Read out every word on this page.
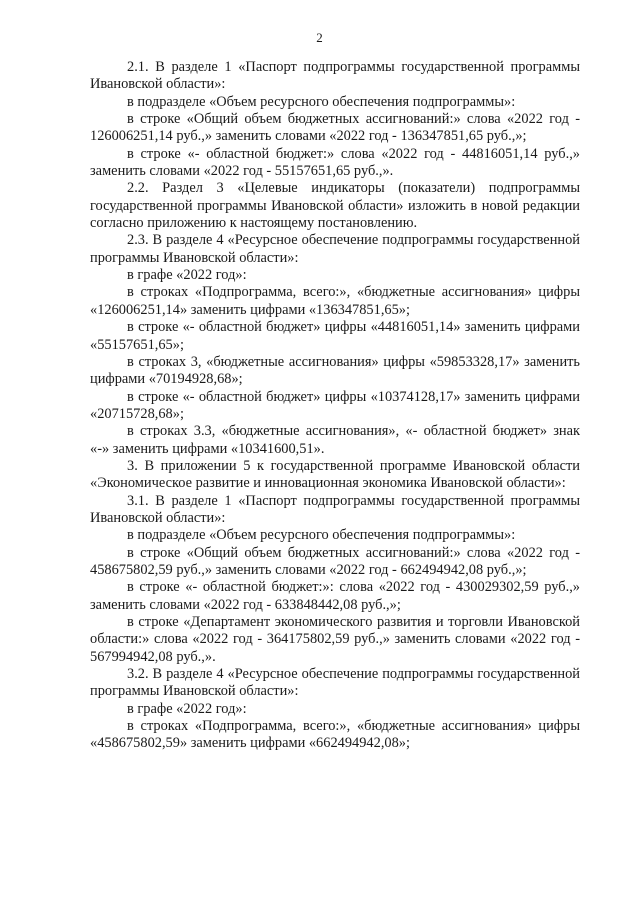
2

2.1. В разделе 1 «Паспорт подпрограммы государственной программы Ивановской области»:

в подразделе «Объем ресурсного обеспечения подпрограммы»:

в строке «Общий объем бюджетных ассигнований:» слова «2022 год - 126006251,14 руб.,» заменить словами «2022 год - 136347851,65 руб.,»;

в строке «- областной бюджет:» слова «2022 год - 44816051,14 руб.,» заменить словами «2022 год - 55157651,65 руб.,».

2.2. Раздел 3 «Целевые индикаторы (показатели) подпрограммы государственной программы Ивановской области» изложить в новой редакции согласно приложению к настоящему постановлению.

2.3. В разделе 4 «Ресурсное обеспечение подпрограммы государственной программы Ивановской области»:

в графе «2022 год»:

в строках «Подпрограмма, всего:», «бюджетные ассигнования» цифры «126006251,14» заменить цифрами «136347851,65»;

в строке «- областной бюджет» цифры «44816051,14» заменить цифрами «55157651,65»;

в строках 3, «бюджетные ассигнования» цифры «59853328,17» заменить цифрами «70194928,68»;

в строке «- областной бюджет» цифры «10374128,17» заменить цифрами «20715728,68»;

в строках 3.3, «бюджетные ассигнования», «- областной бюджет» знак «-» заменить цифрами «10341600,51».

3. В приложении 5 к государственной программе Ивановской области «Экономическое развитие и инновационная экономика Ивановской области»:

3.1. В разделе 1 «Паспорт подпрограммы государственной программы Ивановской области»:

в подразделе «Объем ресурсного обеспечения подпрограммы»:

в строке «Общий объем бюджетных ассигнований:» слова «2022 год - 458675802,59 руб.,» заменить словами «2022 год - 662494942,08 руб.,»;

в строке «- областной бюджет:»: слова «2022 год - 430029302,59 руб.,» заменить словами «2022 год - 633848442,08 руб.,»;

в строке «Департамент экономического развития и торговли Ивановской области:» слова «2022 год - 364175802,59 руб.,» заменить словами «2022 год - 567994942,08 руб.,».

3.2. В разделе 4 «Ресурсное обеспечение подпрограммы государственной программы Ивановской области»:

в графе «2022 год»:

в строках «Подпрограмма, всего:», «бюджетные ассигнования» цифры «458675802,59» заменить цифрами «662494942,08»;
